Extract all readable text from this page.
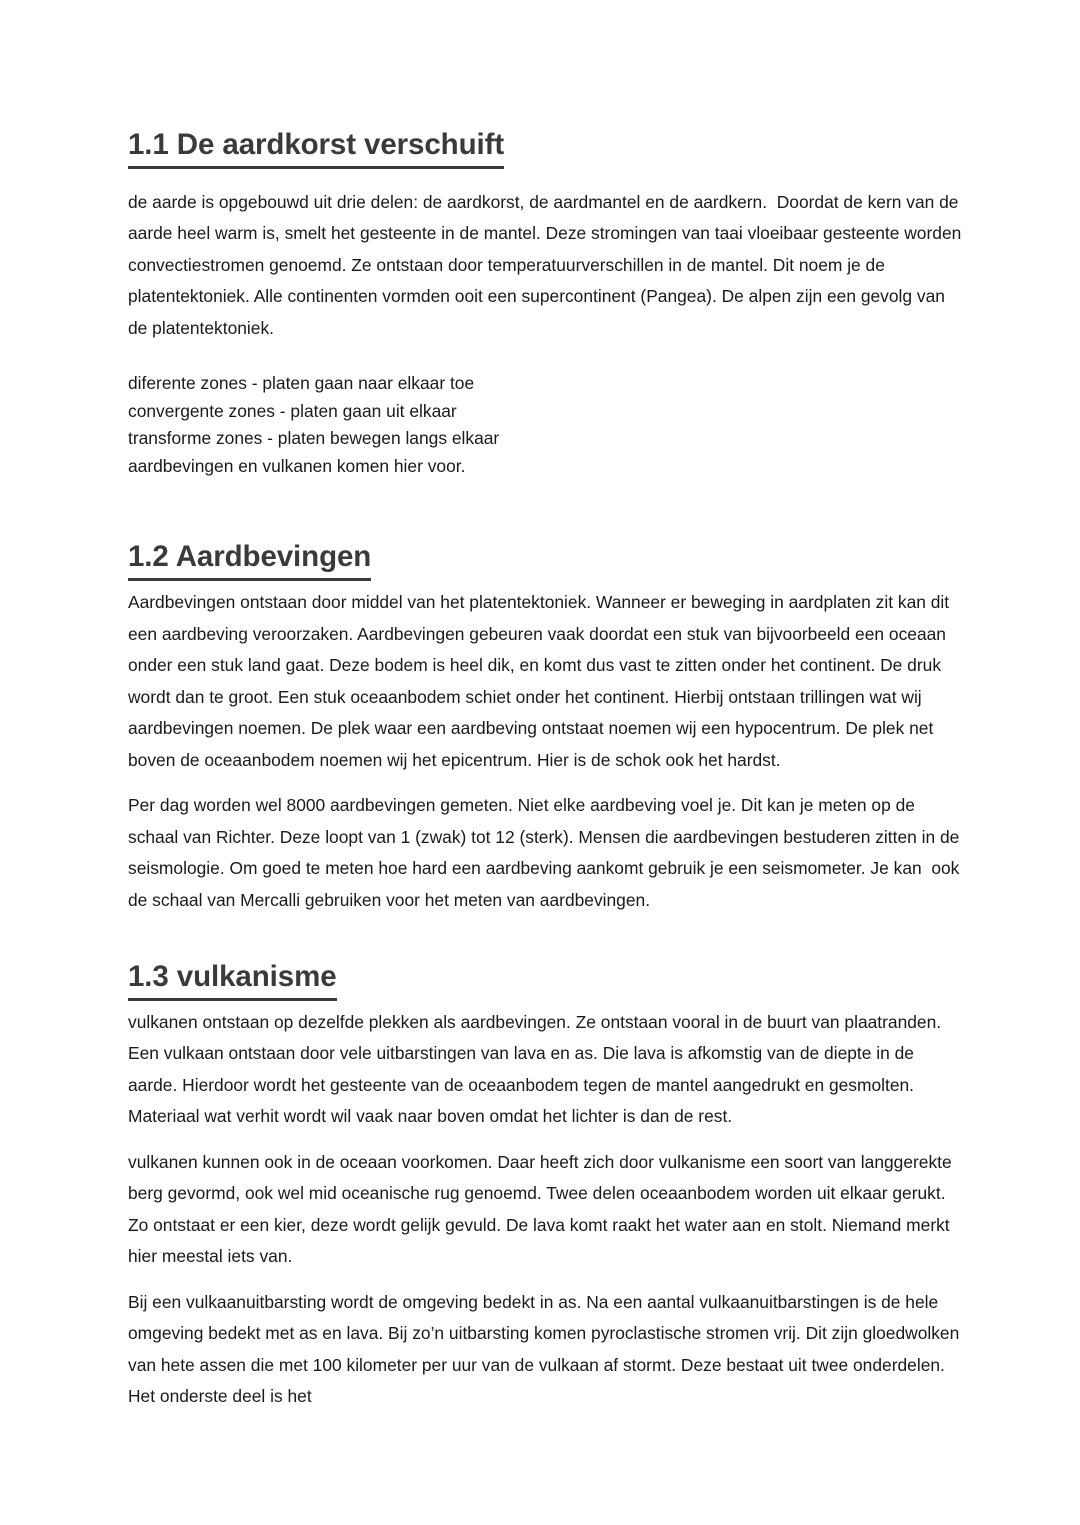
1.1 De aardkorst verschuift

de aarde is opgebouwd uit drie delen: de aardkorst, de aardmantel en de aardkern.  Doordat de kern van de aarde heel warm is, smelt het gesteente in de mantel. Deze stromingen van taai vloeibaar gesteente worden convectiestromen genoemd. Ze ontstaan door temperatuurverschillen in de mantel. Dit noem je de platentektoniek. Alle continenten vormden ooit een supercontinent (Pangea). De alpen zijn een gevolg van de platentektoniek.

diferente zones - platen gaan naar elkaar toe
convergente zones - platen gaan uit elkaar
transforme zones - platen bewegen langs elkaar
aardbevingen en vulkanen komen hier voor.
1.2 Aardbevingen

Aardbevingen ontstaan door middel van het platentektoniek. Wanneer er beweging in aardplaten zit kan dit een aardbeving veroorzaken. Aardbevingen gebeuren vaak doordat een stuk van bijvoorbeeld een oceaan onder een stuk land gaat. Deze bodem is heel dik, en komt dus vast te zitten onder het continent. De druk wordt dan te groot. Een stuk oceaanbodem schiet onder het continent. Hierbij ontstaan trillingen wat wij aardbevingen noemen. De plek waar een aardbeving ontstaat noemen wij een hypocentrum. De plek net boven de oceaanbodem noemen wij het epicentrum. Hier is de schok ook het hardst.

Per dag worden wel 8000 aardbevingen gemeten. Niet elke aardbeving voel je. Dit kan je meten op de schaal van Richter. Deze loopt van 1 (zwak) tot 12 (sterk). Mensen die aardbevingen bestuderen zitten in de seismologie. Om goed te meten hoe hard een aardbeving aankomt gebruik je een seismometer. Je kan  ook de schaal van Mercalli gebruiken voor het meten van aardbevingen.

1.3 vulkanisme

vulkanen ontstaan op dezelfde plekken als aardbevingen. Ze ontstaan vooral in de buurt van plaatranden. Een vulkaan ontstaan door vele uitbarstingen van lava en as. Die lava is afkomstig van de diepte in de aarde. Hierdoor wordt het gesteente van de oceaanbodem tegen de mantel aangedrukt en gesmolten. Materiaal wat verhit wordt wil vaak naar boven omdat het lichter is dan de rest.

vulkanen kunnen ook in de oceaan voorkomen. Daar heeft zich door vulkanisme een soort van langgerekte berg gevormd, ook wel mid oceanische rug genoemd. Twee delen oceaanbodem worden uit elkaar gerukt. Zo ontstaat er een kier, deze wordt gelijk gevuld. De lava komt raakt het water aan en stolt. Niemand merkt hier meestal iets van.

Bij een vulkaanuitbarsting wordt de omgeving bedekt in as. Na een aantal vulkaanuitbarstingen is de hele omgeving bedekt met as en lava. Bij zo’n uitbarsting komen pyroclastische stromen vrij. Dit zijn gloedwolken van hete assen die met 100 kilometer per uur van de vulkaan af stormt. Deze bestaat uit twee onderdelen. Het onderste deel is het
